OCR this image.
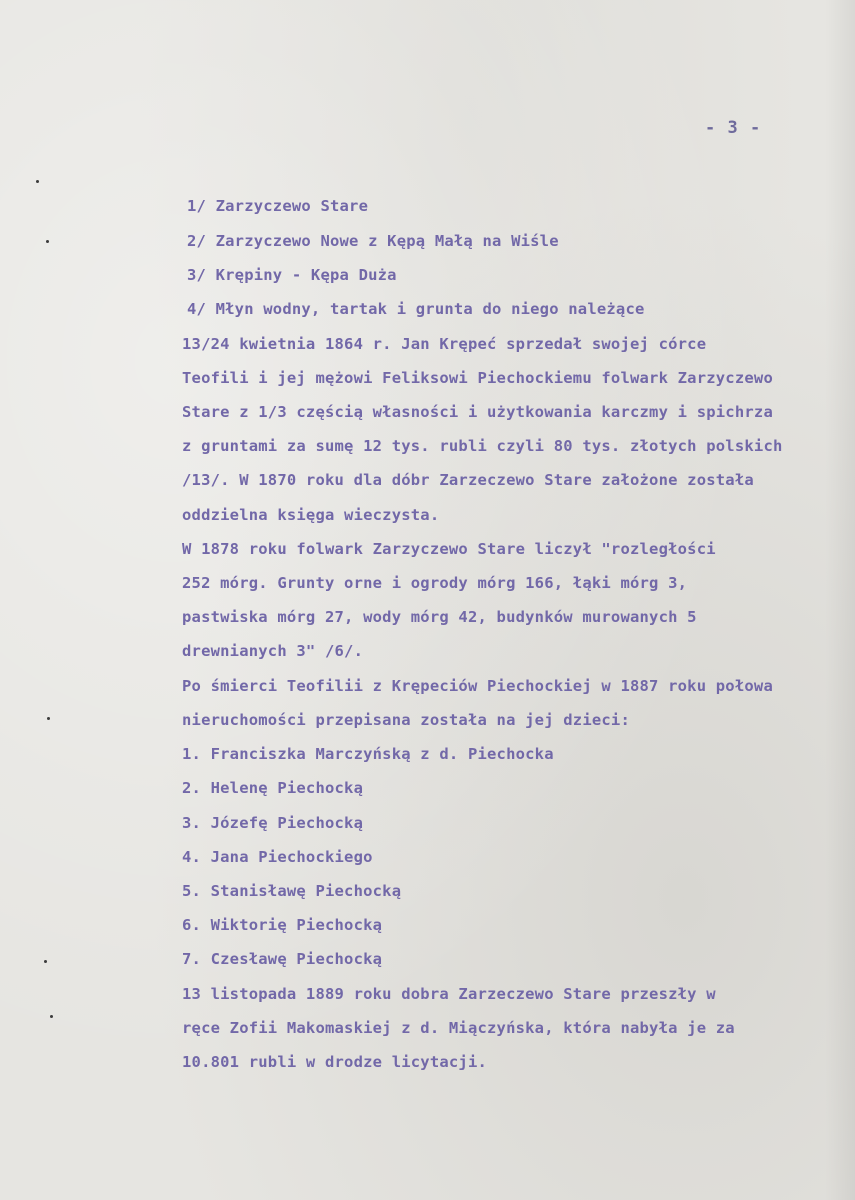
- 3 -
1/ Zarzyczewo Stare
2/ Zarzyczewo Nowe z Kępą Małą na Wiśle
3/ Krępiny - Kępa Duża
4/ Młyn wodny, tartak i grunta do niego należące
13/24 kwietnia 1864 r. Jan Krępeć sprzedał swojej córce
Teofili i jej mężowi Feliksowi Piechockiemu folwark Zarzyczewo
Stare z 1/3 częścią własności i użytkowania karczmy i spichrza
z gruntami za sumę 12 tys. rubli czyli 80 tys. złotych polskich
/13/. W 1870 roku dla dóbr Zarzeczewo Stare założone została
oddzielna księga wieczysta.
W 1878 roku folwark Zarzyczewo Stare liczył "rozległości
252 mórg. Grunty orne i ogrody mórg 166, łąki mórg 3,
pastwiska mórg 27, wody mórg 42, budynków murowanych 5
drewnianych 3" /6/.
Po śmierci Teofilii z Krępeciów Piechockiej w 1887 roku połowa
nieruchomości przepisana została na jej dzieci:
1. Franciszka Marczyńską z d. Piechocka
2. Helenę Piechocką
3. Józefę Piechocką
4. Jana Piechockiego
5. Stanisławę Piechocką
6. Wiktorię Piechocką
7. Czesławę Piechocką
13 listopada 1889 roku dobra Zarzeczewo Stare przeszły w
ręce Zofii Makomaskiej z d. Miączyńska, która nabyła je za
10.801 rubli w drodze licytacji.
